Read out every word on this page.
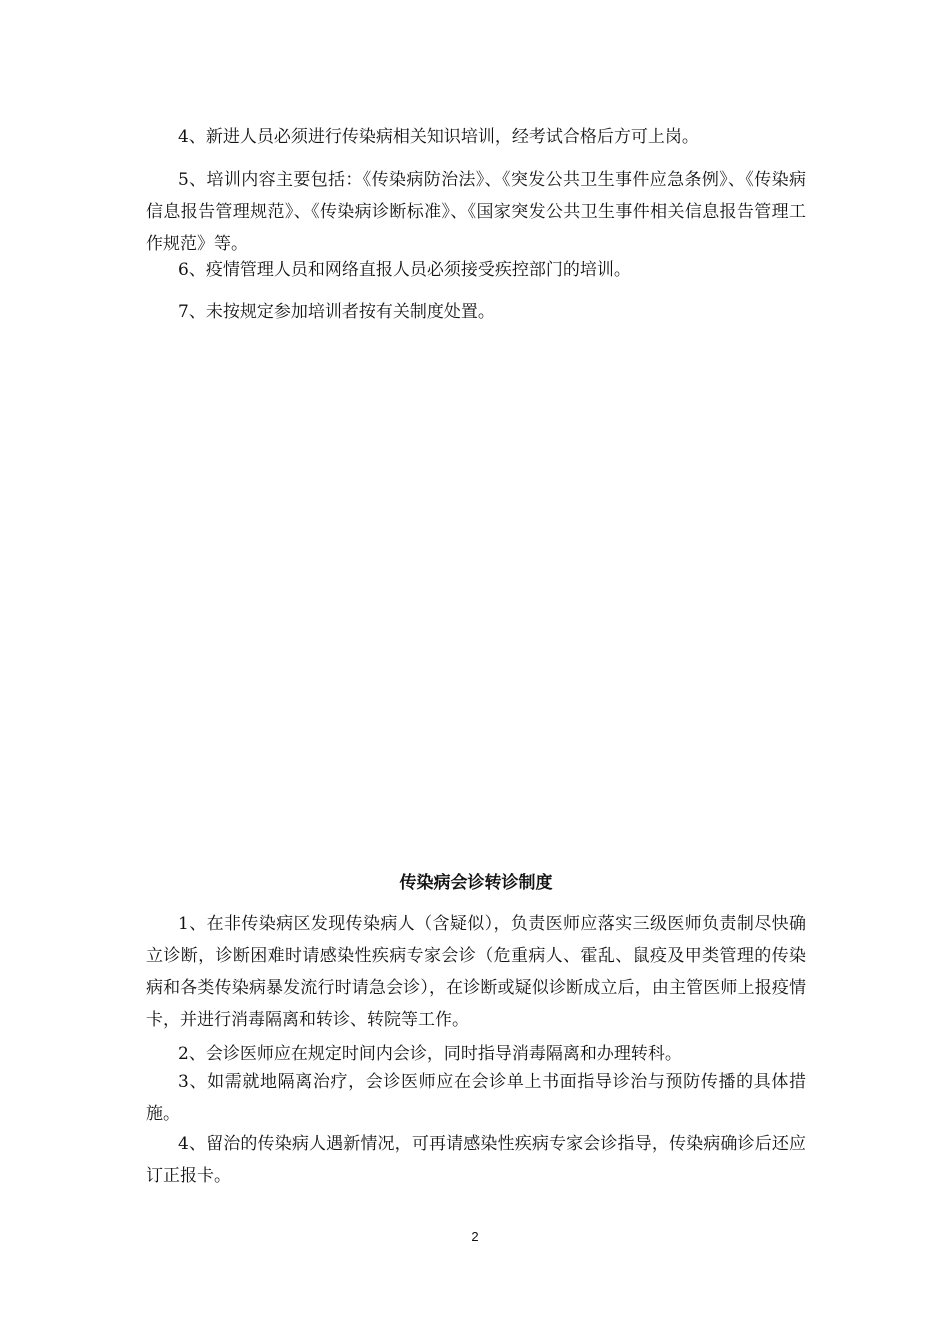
4、新进人员必须进行传染病相关知识培训，经考试合格后方可上岗。

5、培训内容主要包括：《传染病防治法》、《突发公共卫生事件应急条例》、《传染病信息报告管理规范》、《传染病诊断标准》、《国家突发公共卫生事件相关信息报告管理工作规范》等。

6、疫情管理人员和网络直报人员必须接受疾控部门的培训。

7、未按规定参加培训者按有关制度处置。

传染病会诊转诊制度

1、在非传染病区发现传染病人（含疑似），负责医师应落实三级医师负责制尽快确立诊断，诊断困难时请感染性疾病专家会诊（危重病人、霍乱、鼠疫及甲类管理的传染病和各类传染病暴发流行时请急会诊），在诊断或疑似诊断成立后，由主管医师上报疫情卡，并进行消毒隔离和转诊、转院等工作。

2、会诊医师应在规定时间内会诊，同时指导消毒隔离和办理转科。

3、如需就地隔离治疗，会诊医师应在会诊单上书面指导诊治与预防传播的具体措施。

4、留治的传染病人遇新情况，可再请感染性疾病专家会诊指导，传染病确诊后还应订正报卡。

2
